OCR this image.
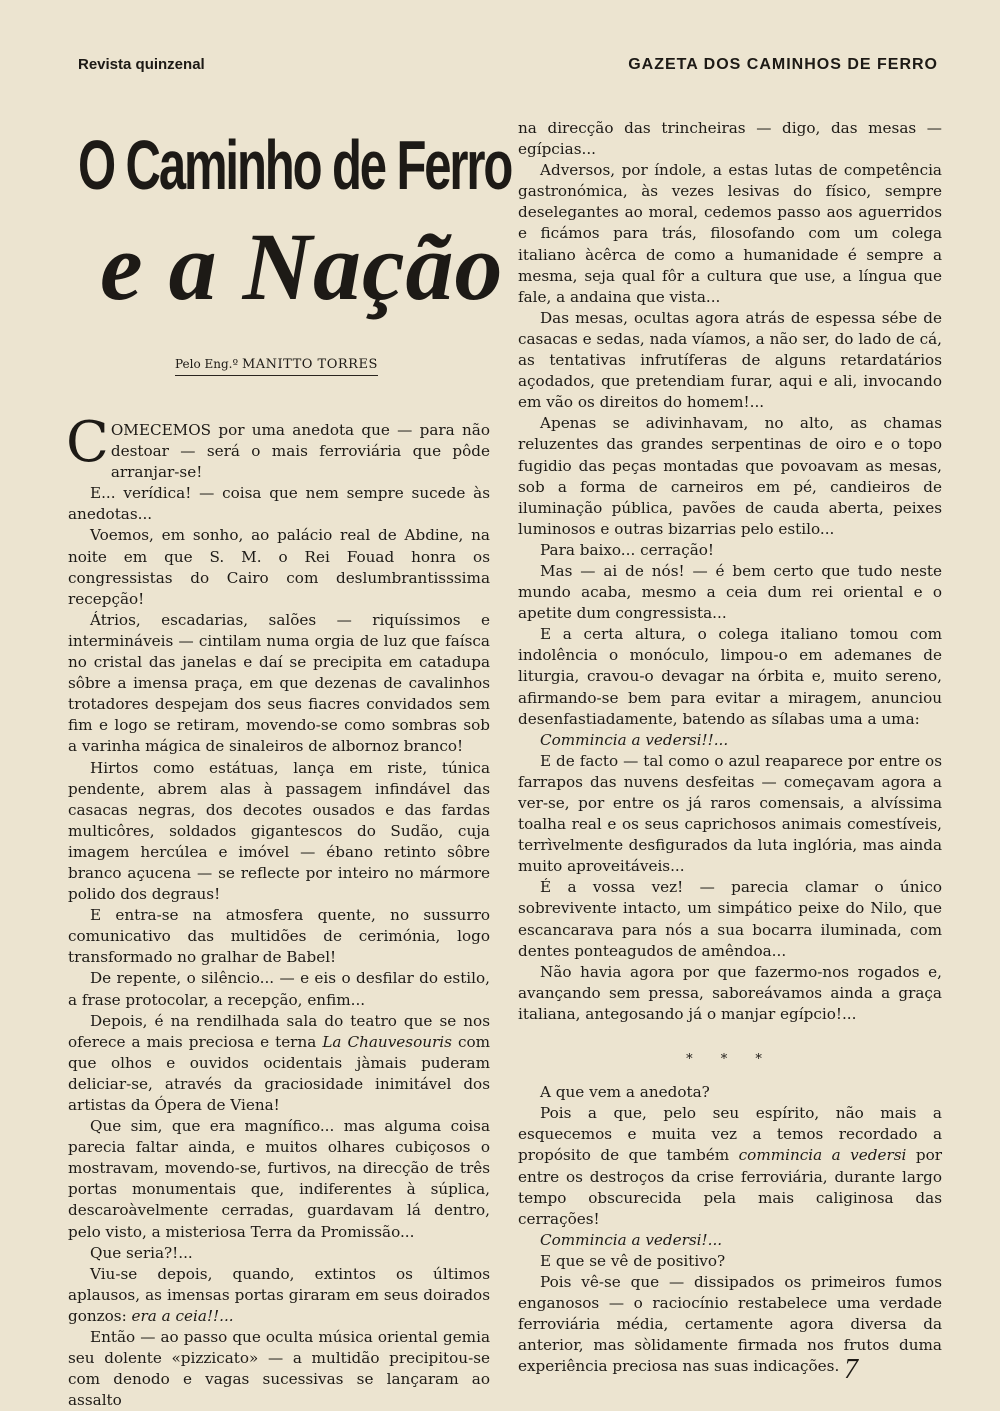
Revista quinzenal	GAZETA DOS CAMINHOS DE FERRO
O Caminho de Ferro
e a Nação
Pelo Eng.º MANITTO TORRES

COMECEMOS por uma anedota que — para não destoar — será o mais ferroviária que pôde arranjar-se!

E... verídica! — coisa que nem sempre sucede às anedotas...

Voemos, em sonho, ao palácio real de Abdine, na noite em que S. M. o Rei Fouad honra os congressistas do Cairo com deslumbrantisssima recepção!

Átrios, escadarias, salões — riquíssimos e intermináveis — cintilam numa orgia de luz que faísca no cristal das janelas e daí se precipita em catadupa sôbre a imensa praça, em que dezenas de cavalinhos trotadores despejam dos seus fiacres convidados sem fim e logo se retiram, movendo-se como sombras sob a varinha mágica de sinaleiros de albornoz branco!

Hirtos como estátuas, lança em riste, túnica pendente, abrem alas à passagem infindável das casacas negras, dos decotes ousados e das fardas multicôres, soldados gigantescos do Sudão, cuja imagem hercúlea e imóvel — ébano retinto sôbre branco açucena — se reflecte por inteiro no mármore polido dos degraus!

E entra-se na atmosfera quente, no sussurro comunicativo das multidões de cerimónia, logo transformado no gralhar de Babel!

De repente, o silêncio... — e eis o desfilar do estilo, a frase protocolar, a recepção, enfim...

Depois, é na rendilhada sala do teatro que se nos oferece a mais preciosa e terna La Chauvesouris com que olhos e ouvidos ocidentais jàmais puderam deliciar-se, através da graciosidade inimitável dos artistas da Ópera de Viena!

Que sim, que era magnífico... mas alguma coisa parecia faltar ainda, e muitos olhares cubiçosos o mostravam, movendo-se, furtivos, na direcção de três portas monumentais que, indiferentes à súplica, descaroàvelmente cerradas, guardavam lá dentro, pelo visto, a misteriosa Terra da Promissão...

Que seria?!...

Viu-se depois, quando, extintos os últimos aplausos, as imensas portas giraram em seus doirados gonzos: era a ceia!!...

Então — ao passo que oculta música oriental gemia seu dolente «pizzicato» — a multidão precipitou-se com denodo e vagas sucessivas se lançaram ao assalto

na direcção das trincheiras — digo, das mesas — egípcias...

Adversos, por índole, a estas lutas de competência gastronómica, às vezes lesivas do físico, sempre deselegantes ao moral, cedemos passo aos aguerridos e ficámos para trás, filosofando com um colega italiano àcêrca de como a humanidade é sempre a mesma, seja qual fôr a cultura que use, a língua que fale, a andaina que vista...

Das mesas, ocultas agora atrás de espessa sébe de casacas e sedas, nada víamos, a não ser, do lado de cá, as tentativas infrutíferas de alguns retardatários açodados, que pretendiam furar, aqui e ali, invocando em vão os direitos do homem!...

Apenas se adivinhavam, no alto, as chamas reluzentes das grandes serpentinas de oiro e o topo fugidio das peças montadas que povoavam as mesas, sob a forma de carneiros em pé, candieiros de iluminação pública, pavões de cauda aberta, peixes luminosos e outras bizarrias pelo estilo...

Para baixo... cerração!

Mas — ai de nós! — é bem certo que tudo neste mundo acaba, mesmo a ceia dum rei oriental e o apetite dum congressista...

E a certa altura, o colega italiano tomou com indolência o monóculo, limpou-o em ademanes de liturgia, cravou-o devagar na órbita e, muito sereno, afirmando-se bem para evitar a miragem, anunciou desenfastiadamente, batendo as sílabas uma a uma:

Commincia a vedersi!!...

E de facto — tal como o azul reaparece por entre os farrapos das nuvens desfeitas — começavam agora a ver-se, por entre os já raros comensais, a alvíssima toalha real e os seus caprichosos animais comestíveis, terrìvelmente desfigurados da luta inglória, mas ainda muito aproveitáveis...

É a vossa vez! — parecia clamar o único sobrevivente intacto, um simpático peixe do Nilo, que escancarava para nós a sua bocarra iluminada, com dentes ponteagudos de amêndoa...

Não havia agora por que fazermo-nos rogados e, avançando sem pressa, saboreávamos ainda a graça italiana, antegosando já o manjar egípcio!...

* * *

A que vem a anedota?

Pois a que, pelo seu espírito, não mais a esquecemos e muita vez a temos recordado a propósito de que também commincia a vedersi por entre os destroços da crise ferroviária, durante largo tempo obscurecida pela mais caliginosa das cerrações!

Commincia a vedersi!...

E que se vê de positivo?

Pois vê-se que — dissipados os primeiros fumos enganosos — o raciocínio restabelece uma verdade ferroviária média, certamente agora diversa da anterior, mas sòlidamente firmada nos frutos duma experiência preciosa nas suas indicações. 7
